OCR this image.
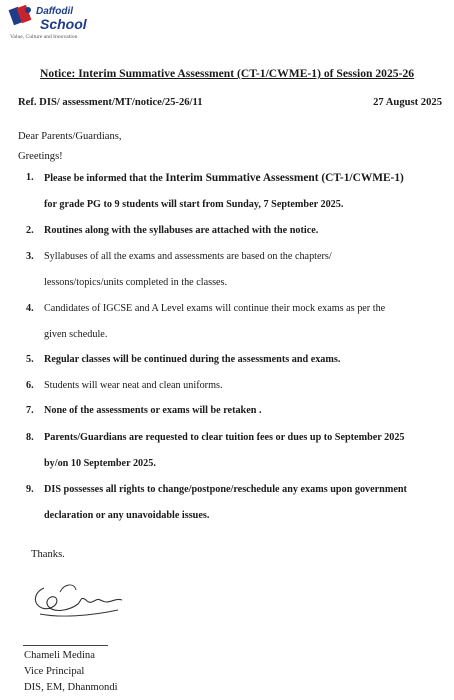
Daffodil
School
Value, Culture and Innovation
Notice: Interim Summative Assessment (CT-1/CWME-1) of Session 2025-26
Ref. DIS/ assessment/MT/notice/25-26/11	27 August 2025
Dear Parents/Guardians,
Greetings!
1. Please be informed that the Interim Summative Assessment (CT-1/CWME-1)
for grade PG to 9 students will start from Sunday, 7 September 2025.
2. Routines along with the syllabuses are attached with the notice.
3. Syllabuses of all the exams and assessments are based on the chapters/
lessons/topics/units completed in the classes.
4. Candidates of IGCSE and A Level exams will continue their mock exams as per the
given schedule.
5. Regular classes will be continued during the assessments and exams.
6. Students will wear neat and clean uniforms.
7. None of the assessments or exams will be retaken .
8. Parents/Guardians are requested to clear tuition fees or dues up to September 2025
by/on 10 September 2025.
9. DIS possesses all rights to change/postpone/reschedule any exams upon government
declaration or any unavoidable issues.
Thanks.
Chameli Medina
Vice Principal
DIS, EM, Dhanmondi
